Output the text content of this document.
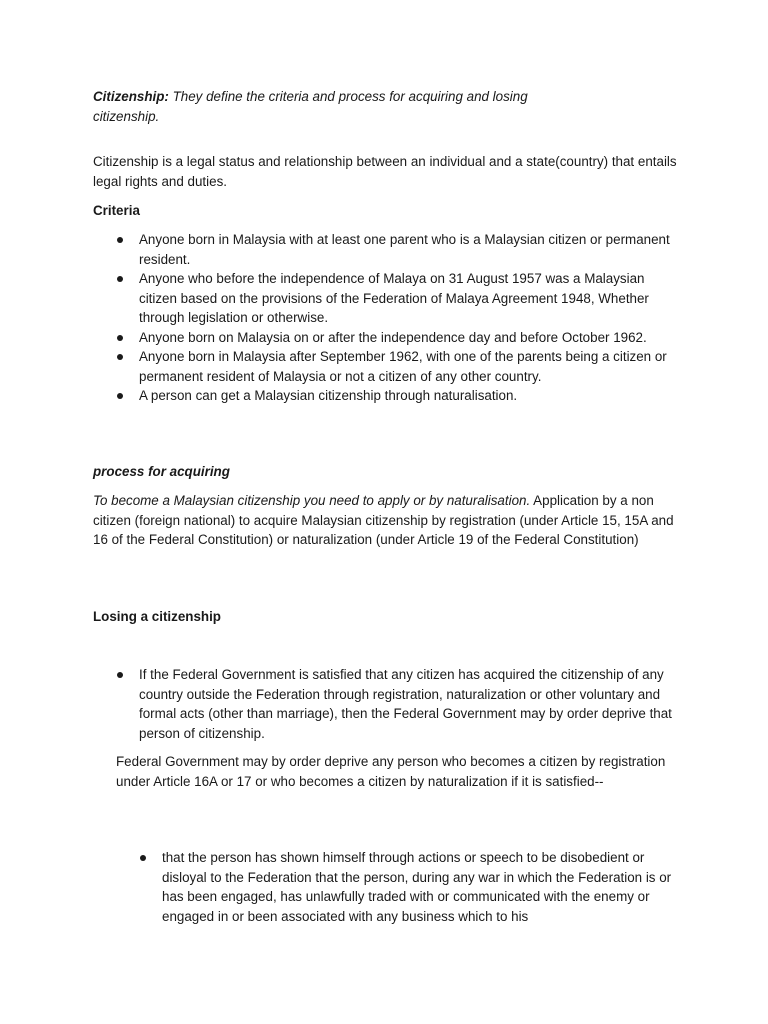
Citizenship: They define the criteria and process for acquiring and losing citizenship.
Citizenship is a legal status and relationship between an individual and a state(country) that entails legal rights and duties.
Criteria
Anyone born in Malaysia with at least one parent who is a Malaysian citizen or permanent resident.
Anyone who before the independence of Malaya on 31 August 1957 was a Malaysian citizen based on the provisions of the Federation of Malaya Agreement 1948, Whether through legislation or otherwise.
Anyone born on Malaysia on or after the independence day and before October 1962.
Anyone born in Malaysia after September 1962, with one of the parents being a citizen or permanent resident of Malaysia or not a citizen of any other country.
A person can get a Malaysian citizenship through naturalisation.
process for acquiring
To become a Malaysian citizenship you need to apply or by naturalisation. Application by a non citizen (foreign national) to acquire Malaysian citizenship by registration (under Article 15, 15A and 16 of the Federal Constitution) or naturalization (under Article 19 of the Federal Constitution)
Losing a citizenship
If the Federal Government is satisfied that any citizen has acquired the citizenship of any country outside the Federation through registration, naturalization or other voluntary and formal acts (other than marriage), then the Federal Government may by order deprive that person of citizenship.
Federal Government may by order deprive any person who becomes a citizen by registration under Article 16A or 17 or who becomes a citizen by naturalization if it is satisfied--
that the person has shown himself through actions or speech to be disobedient or disloyal to the Federation that the person, during any war in which the Federation is or has been engaged, has unlawfully traded with or communicated with the enemy or engaged in or been associated with any business which to his
